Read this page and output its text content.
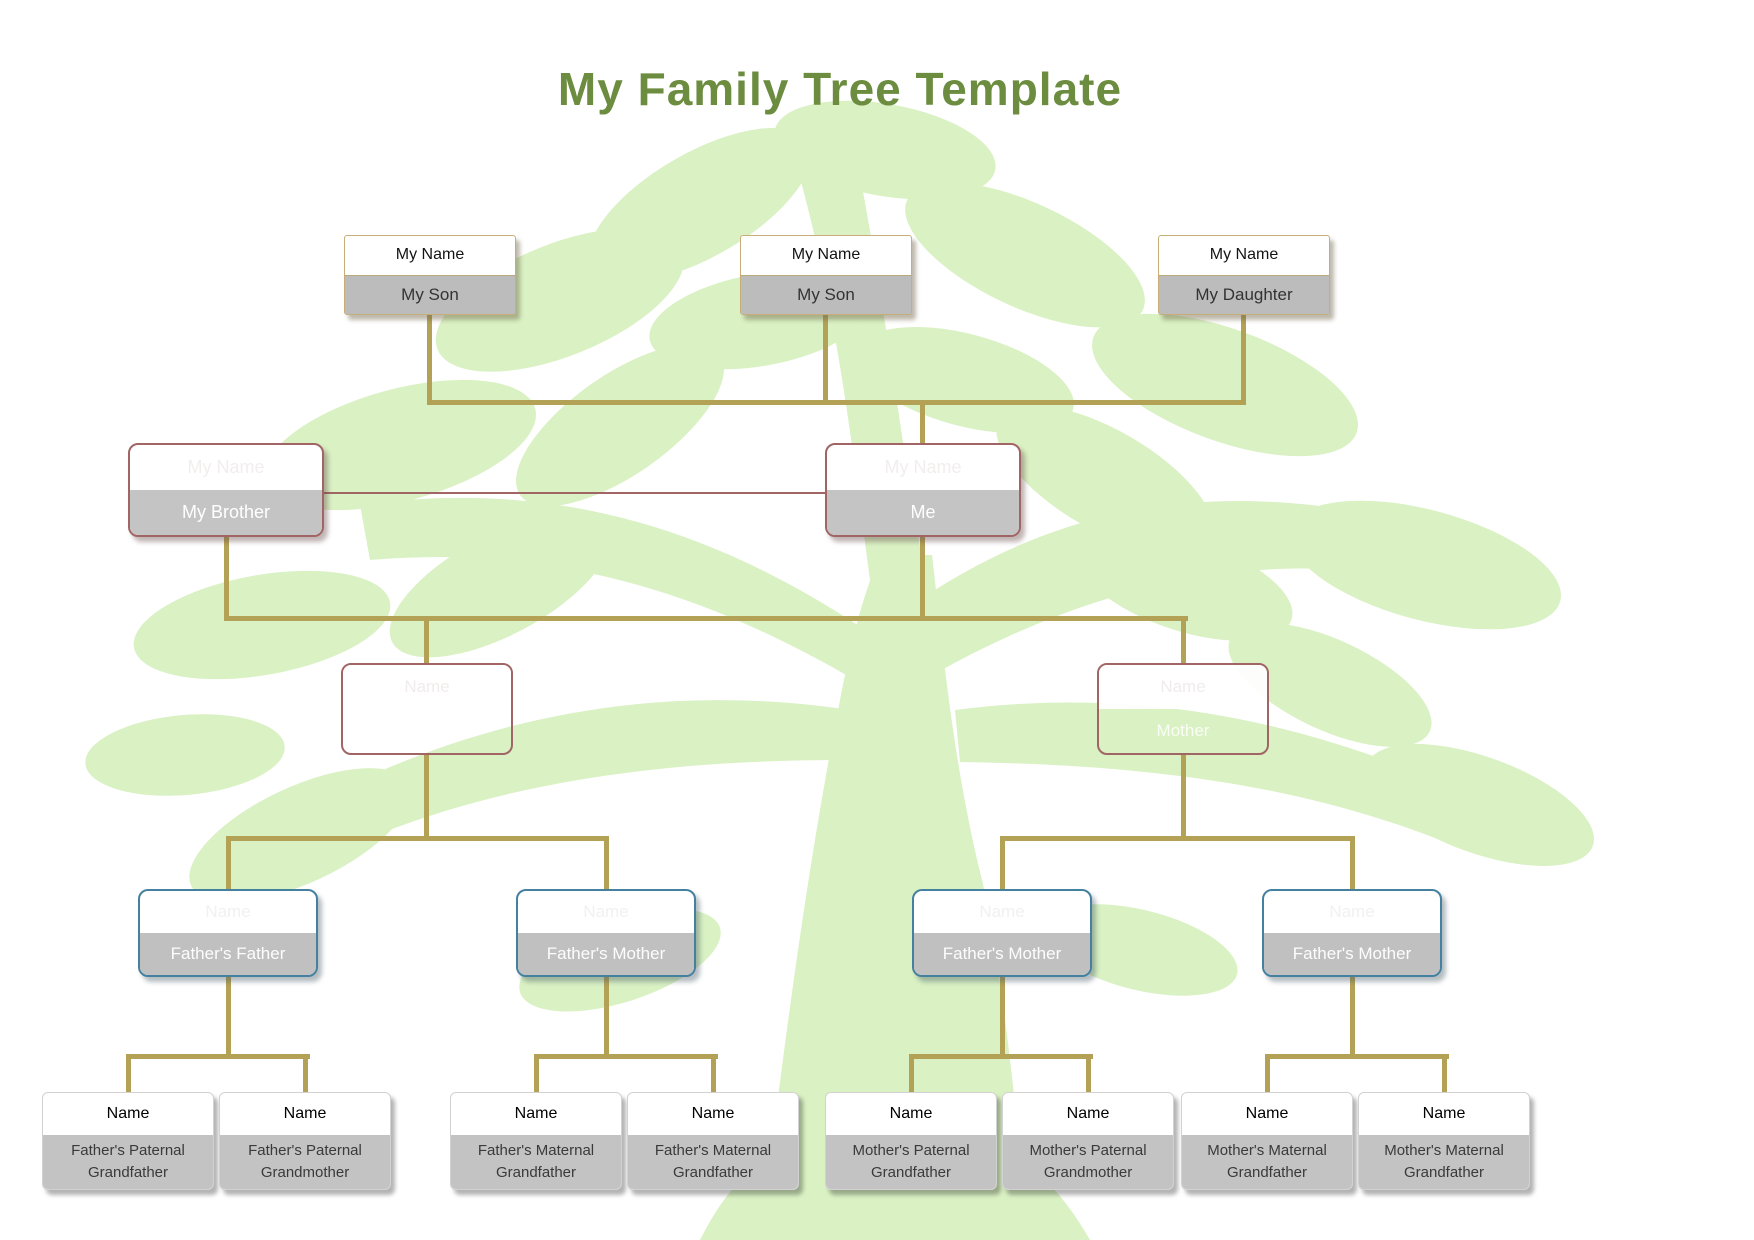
My Family Tree Template
My Name
My Son
My Name
My Son
My Name
My Daughter
My Name
My Brother
My Name
Me
Name
Father
Name
Mother
Name
Father's Father
Name
Father's Mother
Name
Father's Mother
Name
Father's Mother
Name
Father's Paternal Grandfather
Name
Father's Paternal Grandmother
Name
Father's Maternal Grandfather
Name
Father's Maternal Grandfather
Name
Mother's Paternal Grandfather
Name
Mother's Paternal Grandmother
Name
Mother's Maternal Grandfather
Name
Mother's Maternal Grandfather
